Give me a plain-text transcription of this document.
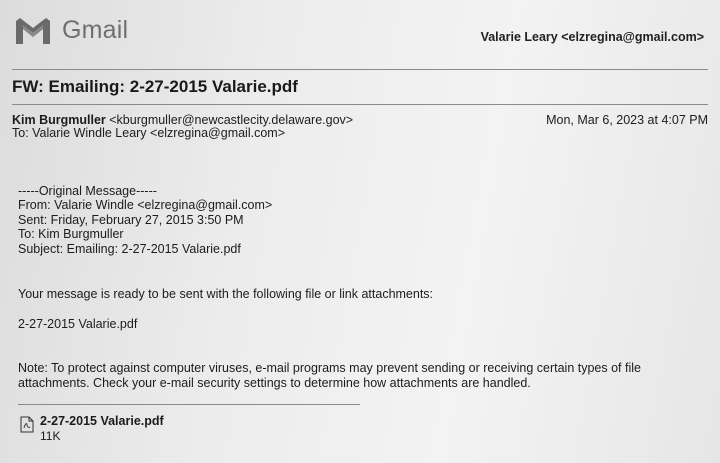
Gmail	Valarie Leary <elzregina@gmail.com>
FW: Emailing: 2-27-2015 Valarie.pdf
Kim Burgmuller <kburgmuller@newcastlecity.delaware.gov>
To: Valarie Windle Leary <elzregina@gmail.com>
Mon, Mar 6, 2023 at 4:07 PM
-----Original Message-----
From: Valarie Windle <elzregina@gmail.com>
Sent: Friday, February 27, 2015 3:50 PM
To: Kim Burgmuller
Subject: Emailing: 2-27-2015 Valarie.pdf
Your message is ready to be sent with the following file or link attachments:
2-27-2015 Valarie.pdf
Note: To protect against computer viruses, e-mail programs may prevent sending or receiving certain types of file attachments. Check your e-mail security settings to determine how attachments are handled.
2-27-2015 Valarie.pdf
11K
